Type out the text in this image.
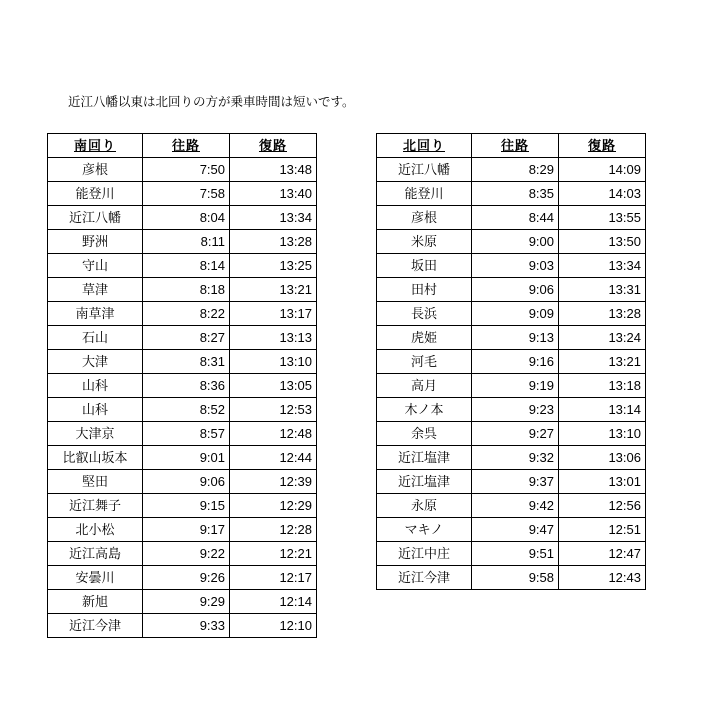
近江八幡以東は北回りの方が乗車時間は短いです。
南回り	往路	復路
彦根	7:50	13:48
能登川	7:58	13:40
近江八幡	8:04	13:34
野洲	8:11	13:28
守山	8:14	13:25
草津	8:18	13:21
南草津	8:22	13:17
石山	8:27	13:13
大津	8:31	13:10
山科	8:36	13:05
山科	8:52	12:53
大津京	8:57	12:48
比叡山坂本	9:01	12:44
堅田	9:06	12:39
近江舞子	9:15	12:29
北小松	9:17	12:28
近江高島	9:22	12:21
安曇川	9:26	12:17
新旭	9:29	12:14
近江今津	9:33	12:10
北回り	往路	復路
近江八幡	8:29	14:09
能登川	8:35	14:03
彦根	8:44	13:55
米原	9:00	13:50
坂田	9:03	13:34
田村	9:06	13:31
長浜	9:09	13:28
虎姫	9:13	13:24
河毛	9:16	13:21
高月	9:19	13:18
木ノ本	9:23	13:14
余呉	9:27	13:10
近江塩津	9:32	13:06
近江塩津	9:37	13:01
永原	9:42	12:56
マキノ	9:47	12:51
近江中庄	9:51	12:47
近江今津	9:58	12:43
